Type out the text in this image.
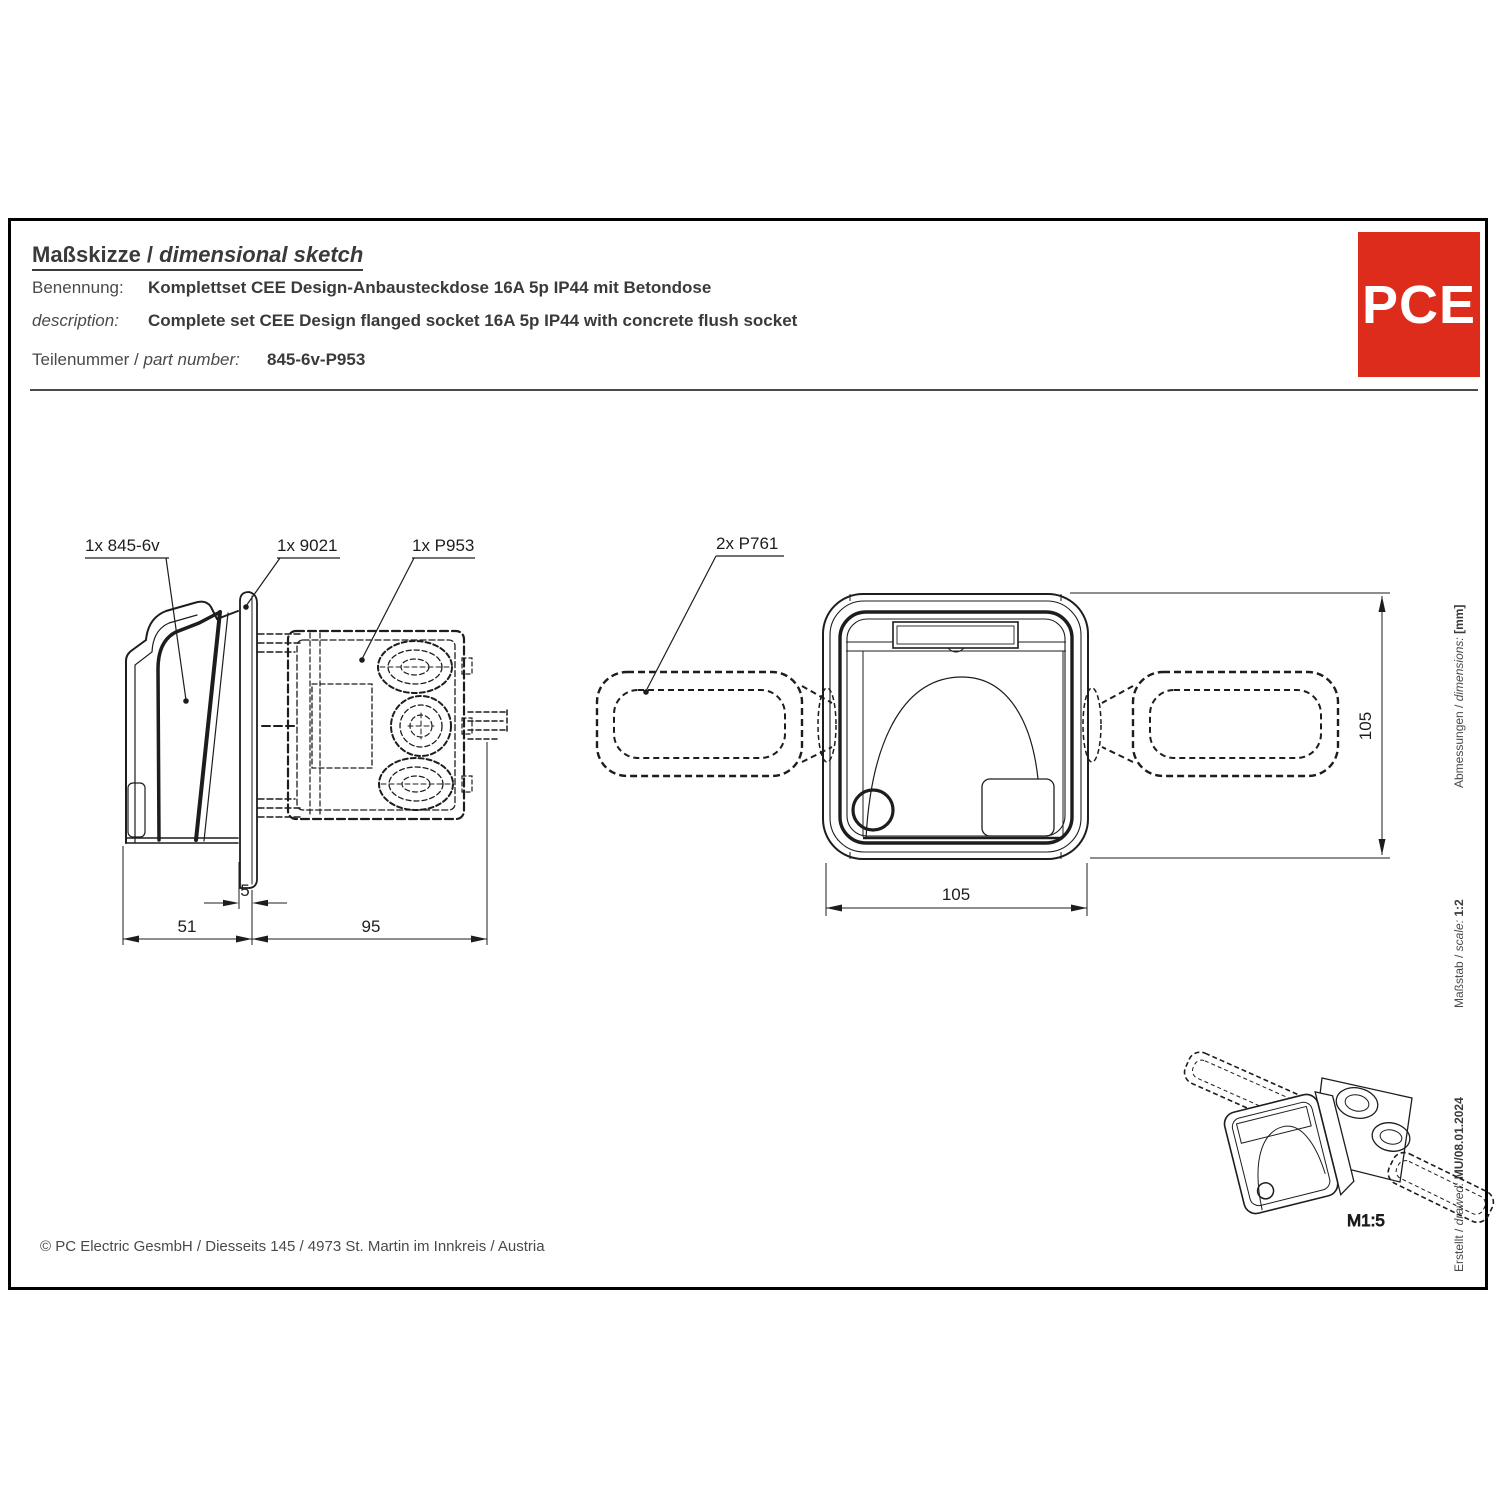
Maßskizze / dimensional sketch
Benennung: Komplettset CEE Design-Anbausteckdose 16A 5p IP44 mit Betondose
description: Complete set CEE Design flanged socket 16A 5p IP44 with concrete flush socket
Teilenummer / part number: 845-6v-P953
PCE
Abmessungen / dimensions: [mm]
Maßstab / scale: 1:2
Erstellt / drawed: MU/08.01.2024
© PC Electric GesmbH / Diesseits 145 / 4973 St. Martin im Innkreis / Austria
5
51	95
1x 845-6v	1x 9021	1x P953	2x P761
105
105
M1:5
